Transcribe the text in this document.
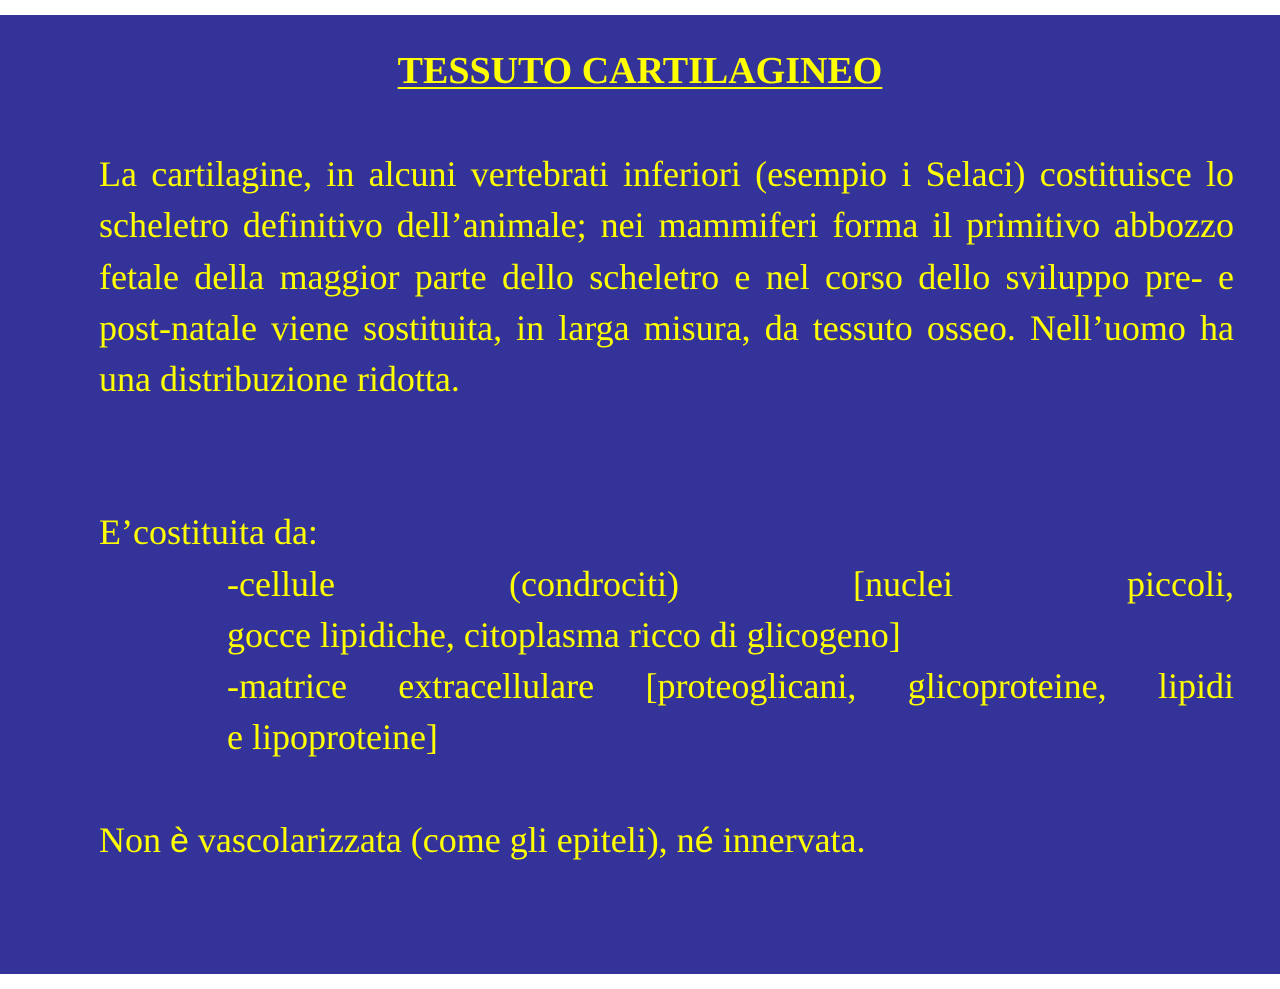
TESSUTO CARTILAGINEO

La cartilagine, in alcuni vertebrati inferiori (esempio i Selaci) costituisce lo scheletro definitivo dell’animale; nei mammiferi forma il primitivo abbozzo fetale della maggior parte dello scheletro e nel corso dello sviluppo pre- e post-natale viene sostituita, in larga misura, da tessuto osseo. Nell’uomo ha una distribuzione ridotta.

E’costituita da:

-cellule (condrociti) [nuclei piccoli,
gocce lipidiche, citoplasma ricco di glicogeno]

-matrice extracellulare [proteoglicani, glicoproteine, lipidi
e lipoproteine]

Non è vascolarizzata (come gli epiteli), né innervata.
